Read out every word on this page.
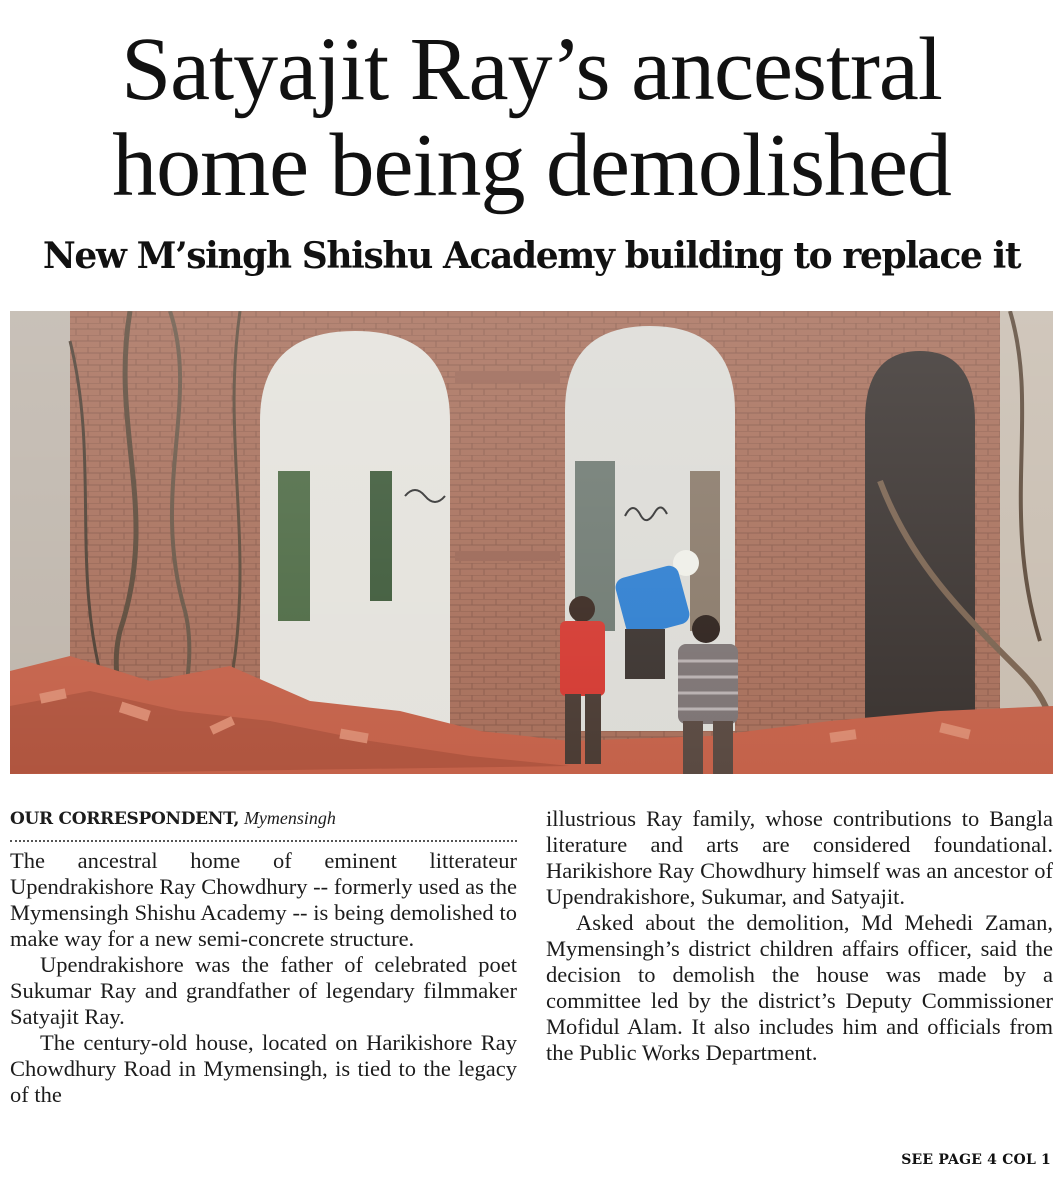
Satyajit Ray’s ancestral
home being demolished
New M’singh Shishu Academy building to replace it
OUR CORRESPONDENT, Mymensingh

The ancestral home of eminent litterateur Upendrakishore Ray Chowdhury -- formerly used as the Mymensingh Shishu Academy -- is being demolished to make way for a new semi-concrete structure.

Upendrakishore was the father of celebrated poet Sukumar Ray and grandfather of legendary filmmaker Satyajit Ray.

The century-old house, located on Harikishore Ray Chowdhury Road in Mymensingh, is tied to the legacy of the

illustrious Ray family, whose contributions to Bangla literature and arts are considered foundational. Harikishore Ray Chowdhury himself was an ancestor of Upendrakishore, Sukumar, and Satyajit.

Asked about the demolition, Md Mehedi Zaman, Mymensingh’s district children affairs officer, said the decision to demolish the house was made by a committee led by the district’s Deputy Commissioner Mofidul Alam. It also includes him and officials from the Public Works Department.

SEE PAGE 4 COL 1
